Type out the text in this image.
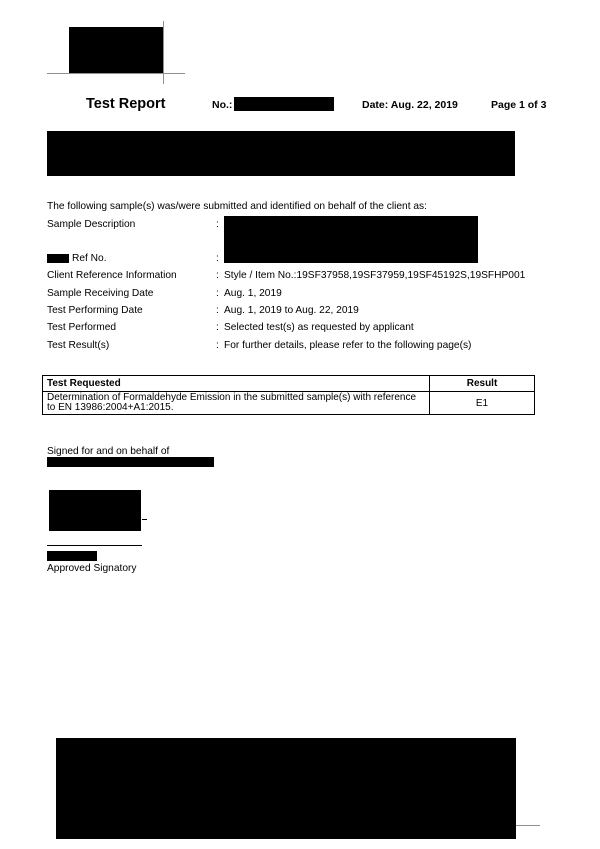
Test Report	No.:	Date: Aug. 22, 2019	Page 1 of 3
The following sample(s) was/were submitted and identified on behalf of the client as:
Sample Description	:
Ref No.	:
Client Reference Information	: Style / Item No.:19SF37958,19SF37959,19SF45192S,19SFHP001
Sample Receiving Date	: Aug. 1, 2019
Test Performing Date	: Aug. 1, 2019 to Aug. 22, 2019
Test Performed	: Selected test(s) as requested by applicant
Test Result(s)	: For further details, please refer to the following page(s)
Test Requested	Result
Determination of Formaldehyde Emission in the submitted sample(s) with reference to EN 13986:2004+A1:2015.	E1
Signed for and on behalf of
Approved Signatory
